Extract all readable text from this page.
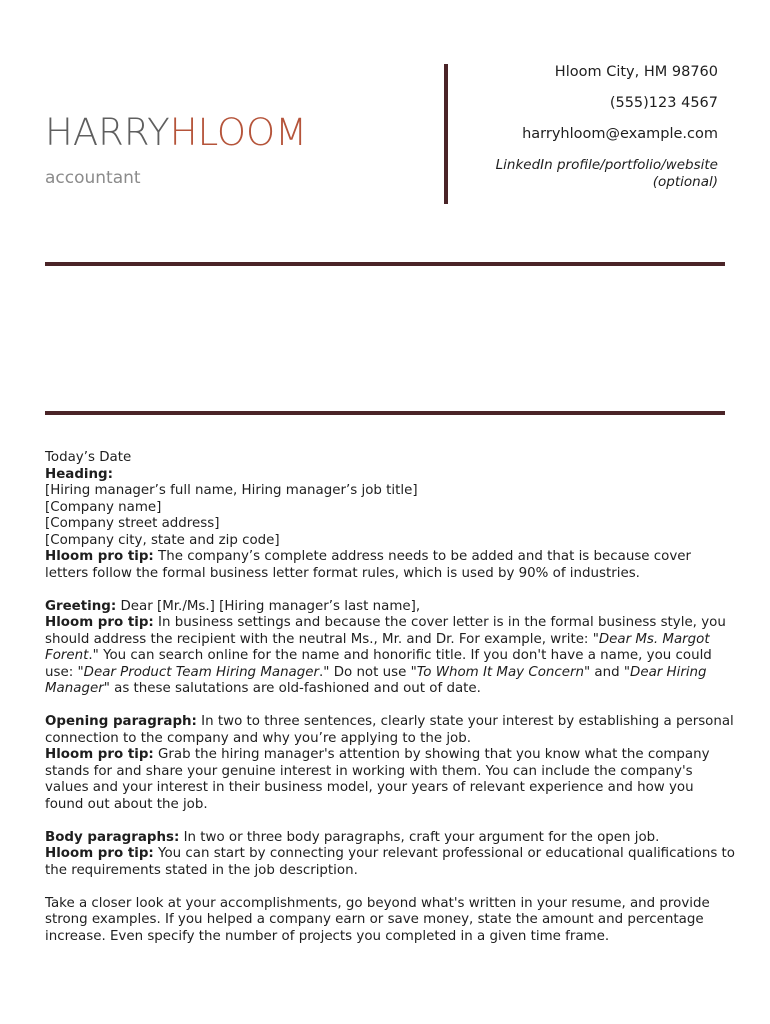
HARRYHLOOM
accountant
Hloom City, HM 98760
(555)123 4567
harryhloom@example.com
LinkedIn profile/portfolio/website
(optional)

Today’s Date

Heading:

[Hiring manager’s full name, Hiring manager’s job title]

[Company name]

[Company street address]

[Company city, state and zip code]

Hloom pro tip: The company’s complete address needs to be added and that is because cover letters follow the formal business letter format rules, which is used by 90% of industries.

Greeting: Dear [Mr./Ms.] [Hiring manager’s last name],

Hloom pro tip: In business settings and because the cover letter is in the formal business style, you should address the recipient with the neutral Ms., Mr. and Dr. For example, write: "Dear Ms. Margot Forent." You can search online for the name and honorific title. If you don't have a name, you could use: "Dear Product Team Hiring Manager." Do not use "To Whom It May Concern" and "Dear Hiring Manager" as these salutations are old-fashioned and out of date.

Opening paragraph: In two to three sentences, clearly state your interest by establishing a personal connection to the company and why you’re applying to the job.

Hloom pro tip: Grab the hiring manager's attention by showing that you know what the company stands for and share your genuine interest in working with them. You can include the company's values and your interest in their business model, your years of relevant experience and how you found out about the job.

Body paragraphs: In two or three body paragraphs, craft your argument for the open job.

Hloom pro tip: You can start by connecting your relevant professional or educational qualifications to the requirements stated in the job description.

Take a closer look at your accomplishments, go beyond what's written in your resume, and provide strong examples. If you helped a company earn or save money, state the amount and percentage increase. Even specify the number of projects you completed in a given time frame.
